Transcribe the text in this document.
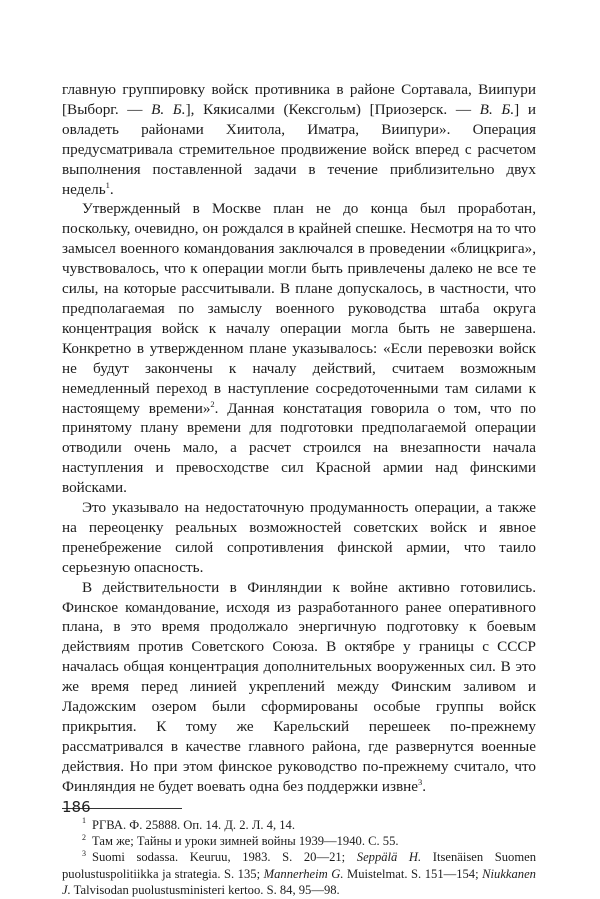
главную группировку войск противника в районе Сортавала, Виипури [Выборг. — В. Б.], Кякисалми (Кексгольм) [Приозерск. — В. Б.] и овладеть районами Хиитола, Иматра, Виипури». Операция предусматривала стремительное продвижение войск вперед с расчетом выполнения поставленной задачи в течение приблизительно двух недель$^1$.

Утвержденный в Москве план не до конца был проработан, поскольку, очевидно, он рождался в крайней спешке. Несмотря на то что замысел военного командования заключался в проведении «блицкрига», чувствовалось, что к операции могли быть привлечены далеко не все те силы, на которые рассчитывали. В плане допускалось, в частности, что предполагаемая по замыслу военного руководства штаба округа концентрация войск к началу операции могла быть не завершена. Конкретно в утвержденном плане указывалось: «Если перевозки войск не будут закончены к началу действий, считаем возможным немедленный переход в наступление сосредоточенными там силами к настоящему времени»$^2$. Данная констатация говорила о том, что по принятому плану времени для подготовки предполагаемой операции отводили очень мало, а расчет строился на внезапности начала наступления и превосходстве сил Красной армии над финскими войсками.

Это указывало на недостаточную продуманность операции, а также на переоценку реальных возможностей советских войск и явное пренебрежение силой сопротивления финской армии, что таило серьезную опасность.

В действительности в Финляндии к войне активно готовились. Финское командование, исходя из разработанного ранее оперативного плана, в это время продолжало энергичную подготовку к боевым действиям против Советского Союза. В октябре у границы с СССР началась общая концентрация дополнительных вооруженных сил. В это же время перед линией укреплений между Финским заливом и Ладожским озером были сформированы особые группы войск прикрытия. К тому же Карельский перешеек по-прежнему рассматривался в качестве главного района, где развернутся военные действия. Но при этом финское руководство по-прежнему считало, что Финляндия не будет воевать одна без поддержки извне$^3$.

$^1$ РГВА. Ф. 25888. Оп. 14. Д. 2. Л. 4, 14.

$^2$ Там же; Тайны и уроки зимней войны 1939—1940. С. 55.

$^3$ Suomi sodassa. Keuruu, 1983. S. 20—21; Seppälä H. Itsenäisen Suomen puolustuspolitiikka ja strategia. S. 135; Mannerheim G. Muistelmat. S. 151—154; Niukkanen J. Talvisodan puolustusministeri kertoo. S. 84, 95—98.

186
